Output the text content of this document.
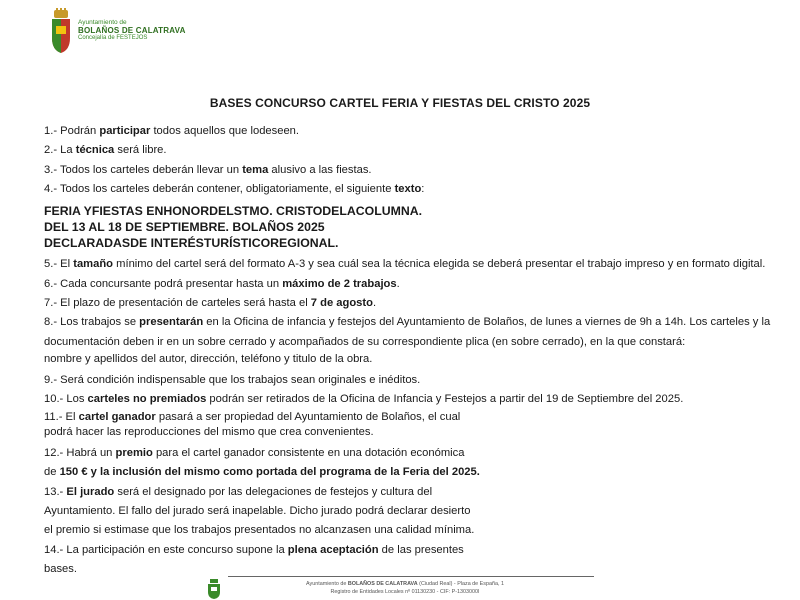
Ayuntamiento de
BOLAÑOS DE CALATRAVA
Concejalía de FESTEJOS
BASES CONCURSO CARTEL FERIA Y FIESTAS DEL CRISTO 2025
1.- Podrán participar todos aquellos que lodeseen.
2.- La técnica será libre.
3.- Todos los carteles deberán llevar un tema alusivo a las fiestas.
4.- Todos los carteles deberán contener, obligatoriamente, el siguiente texto:
FERIA YFIESTAS ENHONORDELSTMO. CRISTODELACOLUMNA.
DEL 13 AL 18 DE SEPTIEMBRE. BOLAÑOS 2025
DECLARADASDE INTERÉSTURÍSTICOREGIONAL.
5.- El tamaño mínimo del cartel será del formato A-3 y sea cuál sea la técnica elegida se deberá presentar el trabajo impreso y en formato digital.
6.- Cada concursante podrá presentar hasta un máximo de 2 trabajos.
7.- El plazo de presentación de carteles será hasta el 7 de agosto.
8.- Los trabajos se presentarán en la Oficina de infancia y festejos del Ayuntamiento de Bolaños, de lunes a viernes de 9h a 14h. Los carteles y la
documentación deben ir en un sobre cerrado y acompañados de su correspondiente plica (en sobre cerrado), en la que constará:
nombre y apellidos del autor, dirección, teléfono y titulo de la obra.
9.- Será condición indispensable que los trabajos sean originales e inéditos.
10.- Los carteles no premiados podrán ser retirados de la Oficina de Infancia y Festejos a partir del 19 de Septiembre del 2025.
11.- El cartel ganador pasará a ser propiedad del Ayuntamiento de Bolaños, el cual
podrá hacer las reproducciones del mismo que crea convenientes.
12.- Habrá un premio para el cartel ganador consistente en una dotación económica
de 150 € y la inclusión del mismo como portada del programa de la Feria del 2025.
13.- El jurado será el designado por las delegaciones de festejos y cultura del
Ayuntamiento. El fallo del jurado será inapelable. Dicho jurado podrá declarar desierto
el premio si estimase que los trabajos presentados no alcanzasen una calidad mínima.
14.- La participación en este concurso supone la plena aceptación de las presentes
bases.
Ayuntamiento de BOLAÑOS DE CALATRAVA (Ciudad Real) - Plaza de España, 1
Registro de Entidades Locales nº 01130230 - CIF: P-1303000I
